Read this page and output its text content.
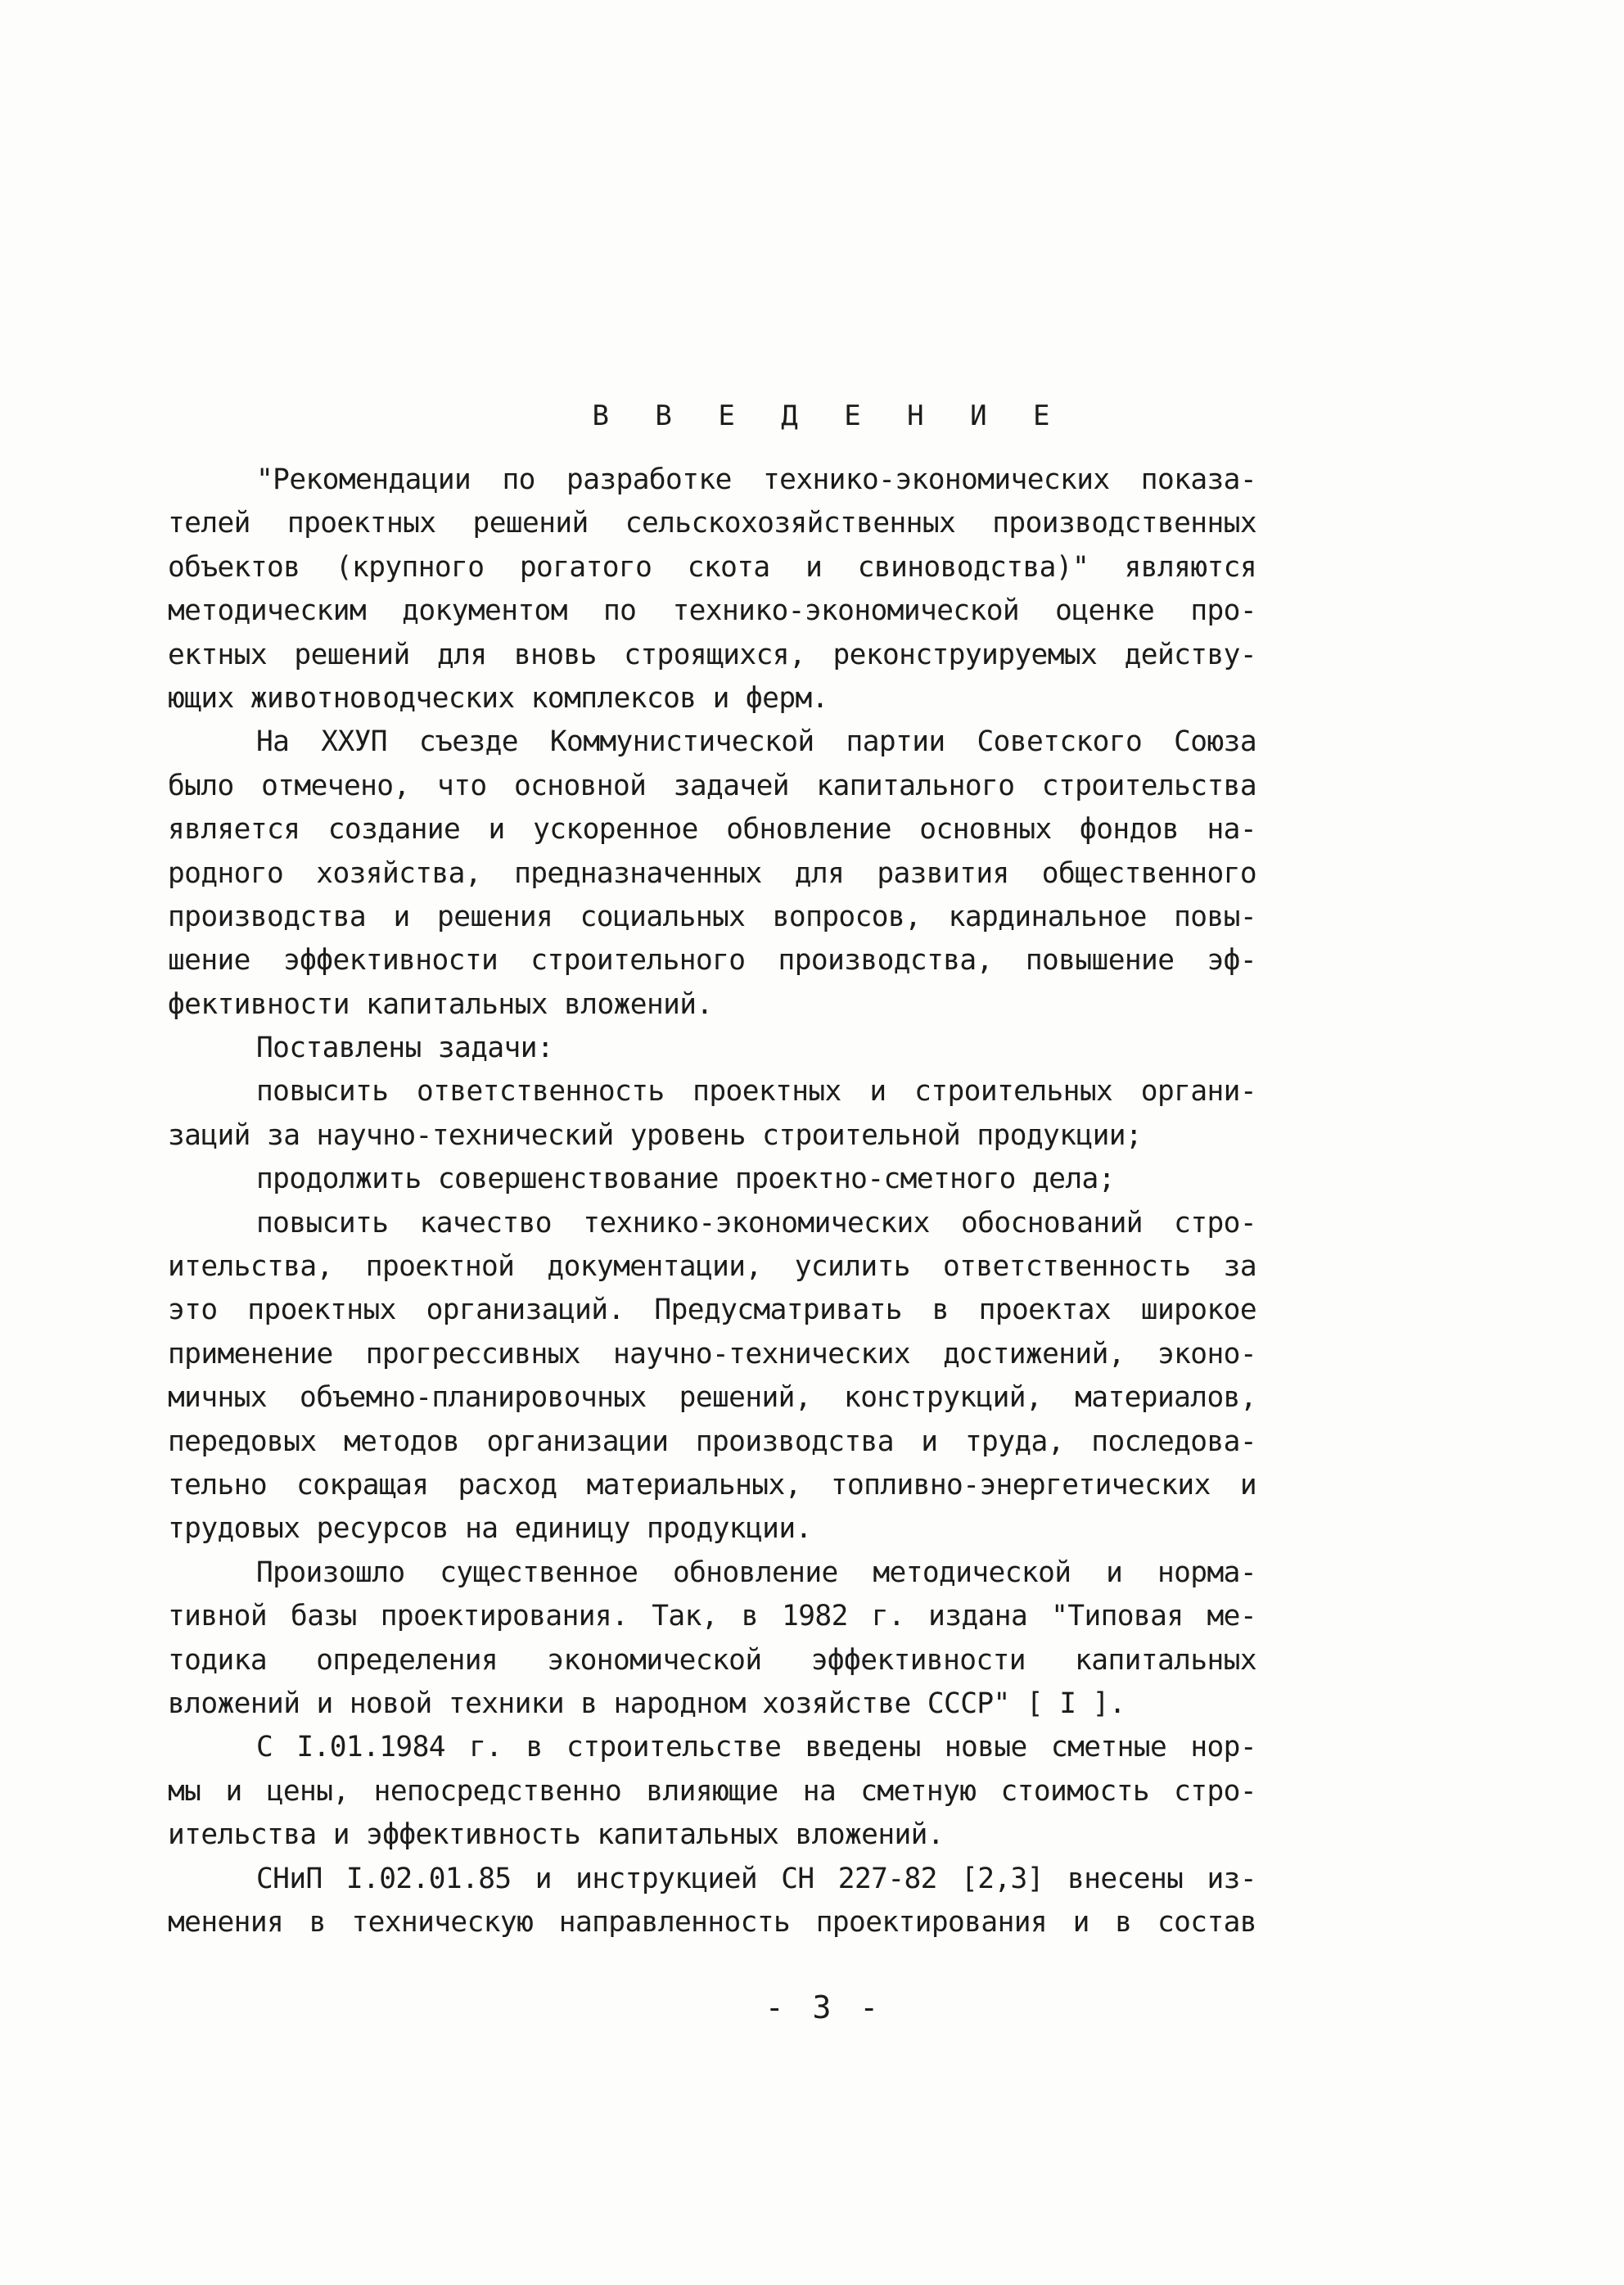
В В Е Д Е Н И Е
"Рекомендации по разработке технико-экономических показа-
телей проектных решений сельскохозяйственных производственных
объектов (крупного рогатого скота и свиноводства)" являются
методическим документом по технико-экономической оценке про-
ектных решений для вновь строящихся, реконструируемых действу-
ющих животноводческих комплексов и ферм.
На ХХУП съезде Коммунистической партии Советского Союза
было отмечено, что основной задачей капитального строительства
является создание и ускоренное обновление основных фондов на-
родного хозяйства, предназначенных для развития общественного
производства и решения социальных вопросов, кардинальное повы-
шение эффективности строительного производства, повышение эф-
фективности капитальных вложений.
Поставлены задачи:
повысить ответственность проектных и строительных органи-
заций за научно-технический уровень строительной продукции;
продолжить совершенствование проектно-сметного дела;
повысить качество технико-экономических обоснований стро-
ительства, проектной документации, усилить ответственность за
это проектных организаций. Предусматривать в проектах широкое
применение прогрессивных научно-технических достижений, эконо-
мичных объемно-планировочных решений, конструкций, материалов,
передовых методов организации производства и труда, последова-
тельно сокращая расход материальных, топливно-энергетических и
трудовых ресурсов на единицу продукции.
Произошло существенное обновление методической и норма-
тивной базы проектирования. Так, в 1982 г. издана "Типовая ме-
тодика определения экономической эффективности капитальных
вложений и новой техники в народном хозяйстве СССР" [ I ].
С I.01.1984 г. в строительстве введены новые сметные нор-
мы и цены, непосредственно влияющие на сметную стоимость стро-
ительства и эффективность капитальных вложений.
СНиП I.02.01.85 и инструкцией СН 227-82 [2,3] внесены из-
менения в техническую направленность проектирования и в состав
- 3 -
